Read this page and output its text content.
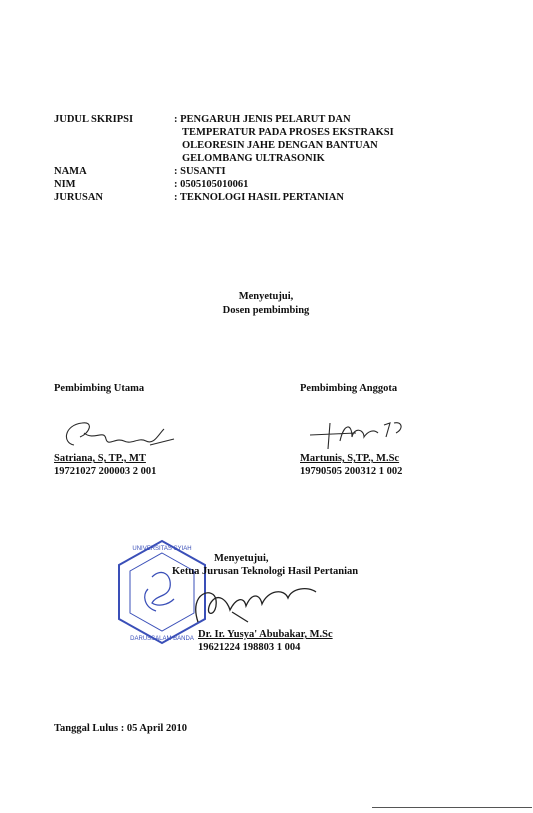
JUDUL SKRIPSI	: PENGARUH JENIS PELARUT DAN
TEMPERATUR PADA PROSES EKSTRAKSI
OLEORESIN JAHE DENGAN BANTUAN
GELOMBANG ULTRASONIK
NAMA	: SUSANTI
NIM	: 0505105010061
JURUSAN	: TEKNOLOGI HASIL PERTANIAN
Menyetujui,
Dosen pembimbing
Pembimbing Utama	Pembimbing Anggota
Satriana, S, TP., MT
19721027 200003 2 001
Martunis, S,TP., M.Sc
19790505 200312 1 002
UNIVERSITAS SYIAH
DARUSSALAM BANDA
Menyetujui,
Ketua Jurusan Teknologi Hasil Pertanian
Dr. Ir. Yusya' Abubakar, M.Sc
19621224 198803 1 004
Tanggal Lulus : 05 April 2010
